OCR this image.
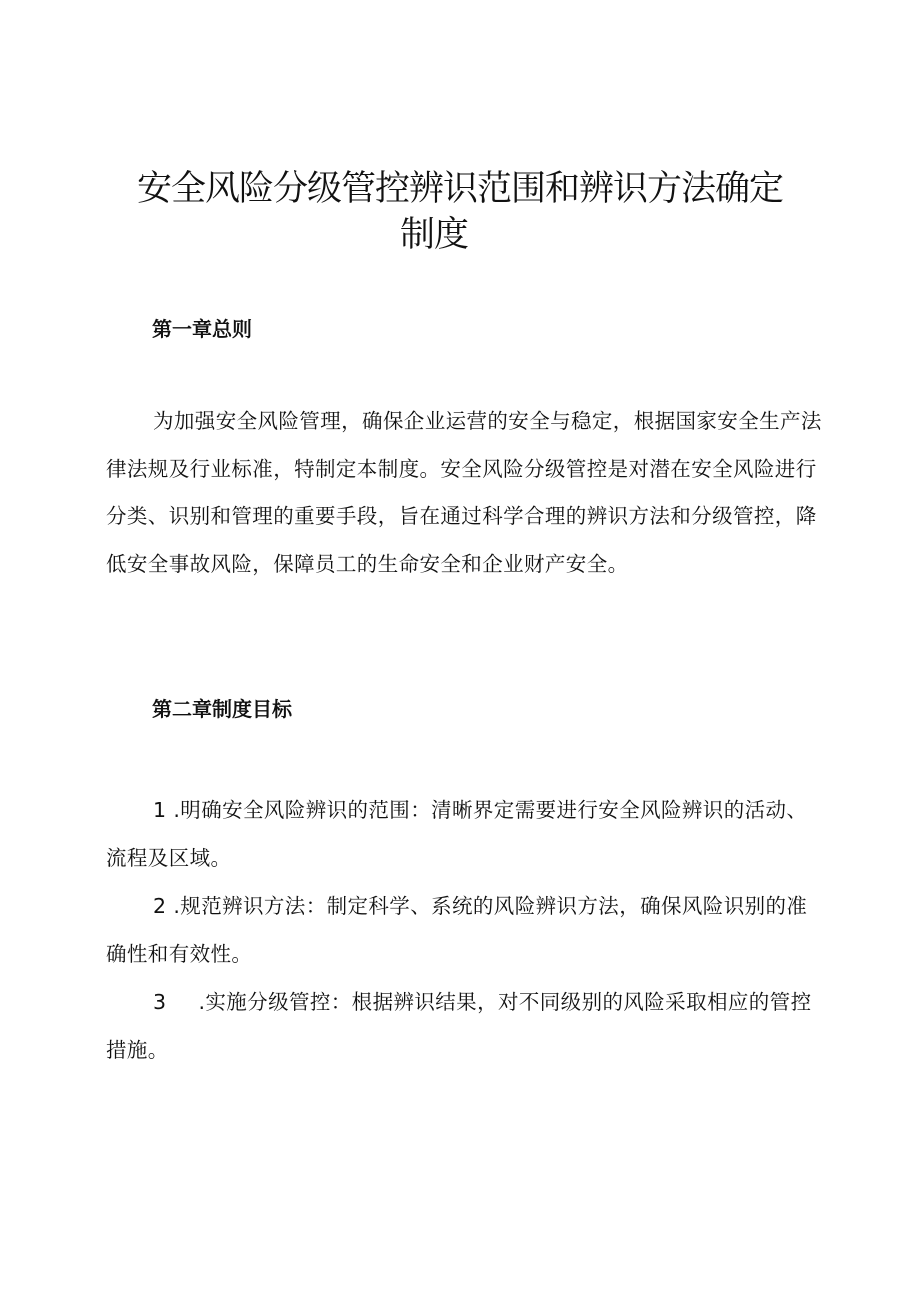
安全风险分级管控辨识范围和辨识方法确定
制度
第一章总则

为加强安全风险管理，确保企业运营的安全与稳定，根据国家安全生产法律法规及行业标准，特制定本制度。安全风险分级管控是对潜在安全风险进行分类、识别和管理的重要手段，旨在通过科学合理的辨识方法和分级管控，降低安全事故风险，保障员工的生命安全和企业财产安全。

第二章制度目标

1 .明确安全风险辨识的范围：清晰界定需要进行安全风险辨识的活动、流程及区域。

2 .规范辨识方法：制定科学、系统的风险辨识方法，确保风险识别的准确性和有效性。

3 .实施分级管控：根据辨识结果，对不同级别的风险采取相应的管控措施。
